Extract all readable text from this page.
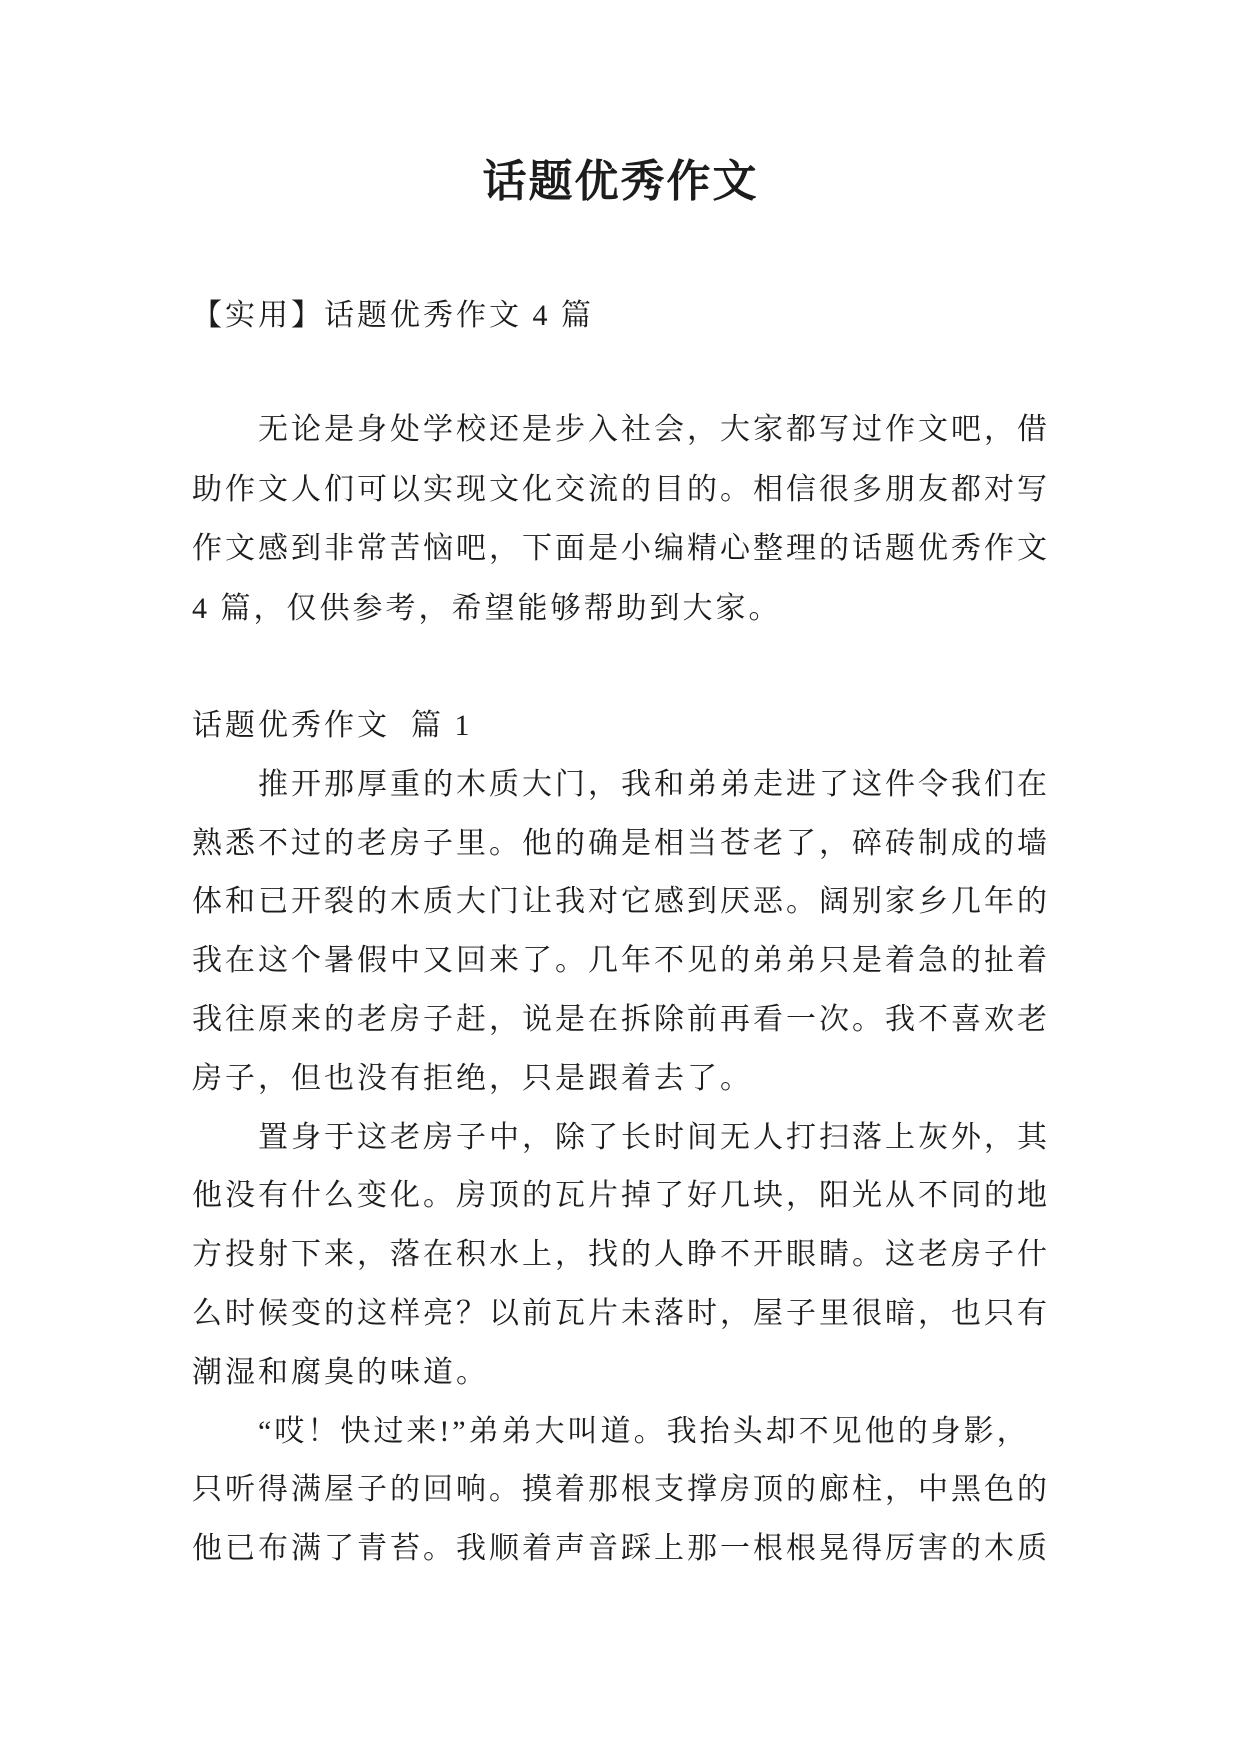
话题优秀作文
【实用】话题优秀作文 4 篇
无论是身处学校还是步入社会，大家都写过作文吧，借
助作文人们可以实现文化交流的目的。相信很多朋友都对写
作文感到非常苦恼吧，下面是小编精心整理的话题优秀作文
4 篇，仅供参考，希望能够帮助到大家。
话题优秀作文  篇 1
推开那厚重的木质大门，我和弟弟走进了这件令我们在
熟悉不过的老房子里。他的确是相当苍老了，碎砖制成的墙
体和已开裂的木质大门让我对它感到厌恶。阔别家乡几年的
我在这个暑假中又回来了。几年不见的弟弟只是着急的扯着
我往原来的老房子赶，说是在拆除前再看一次。我不喜欢老
房子，但也没有拒绝，只是跟着去了。
置身于这老房子中，除了长时间无人打扫落上灰外，其
他没有什么变化。房顶的瓦片掉了好几块，阳光从不同的地
方投射下来，落在积水上，找的人睁不开眼睛。这老房子什
么时候变的这样亮？以前瓦片未落时，屋子里很暗，也只有
潮湿和腐臭的味道。
“哎！快过来!”弟弟大叫道。我抬头却不见他的身影，
只听得满屋子的回响。摸着那根支撑房顶的廊柱，中黑色的
他已布满了青苔。我顺着声音踩上那一根根晃得厉害的木质
